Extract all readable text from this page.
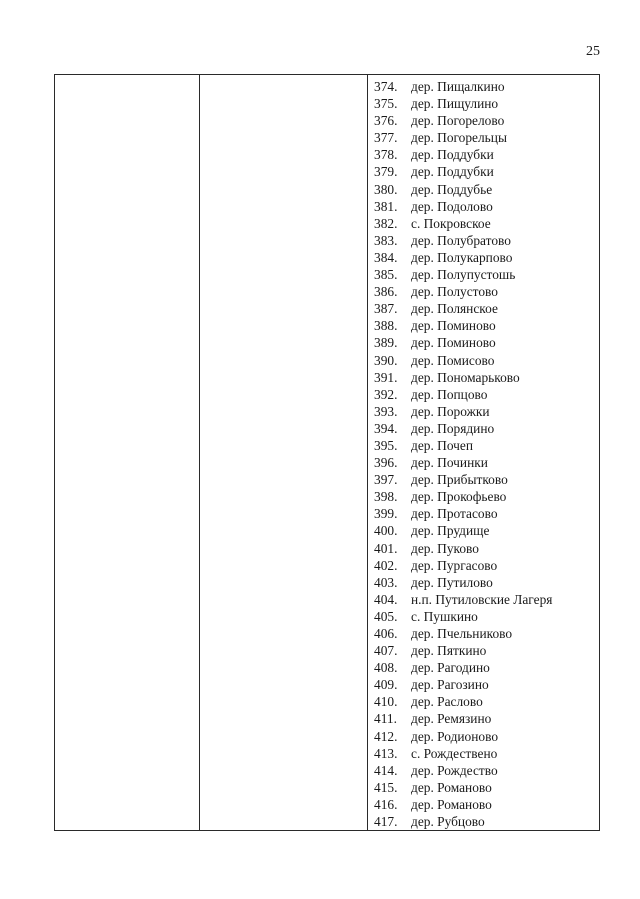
25
374.	дер. Пищалкино
375.	дер. Пищулино
376.	дер. Погорелово
377.	дер. Погорельцы
378.	дер. Поддубки
379.	дер. Поддубки
380.	дер. Поддубье
381.	дер. Подолово
382.	с. Покровское
383.	дер. Полубратово
384.	дер. Полукарпово
385.	дер. Полупустошь
386.	дер. Полустово
387.	дер. Полянское
388.	дер. Поминово
389.	дер. Поминово
390.	дер. Помисово
391.	дер. Пономарьково
392.	дер. Попцово
393.	дер. Порожки
394.	дер. Порядино
395.	дер. Почеп
396.	дер. Починки
397.	дер. Прибытково
398.	дер. Прокофьево
399.	дер. Протасово
400.	дер. Прудище
401.	дер. Пуково
402.	дер. Пургасово
403.	дер. Путилово
404.	н.п. Путиловские Лагеря
405.	с. Пушкино
406.	дер. Пчельниково
407.	дер. Пяткино
408.	дер. Рагодино
409.	дер. Рагозино
410.	дер. Раслово
411.	дер. Ремязино
412.	дер. Родионово
413.	с. Рождествено
414.	дер. Рождество
415.	дер. Романово
416.	дер. Романово
417.	дер. Рубцово
